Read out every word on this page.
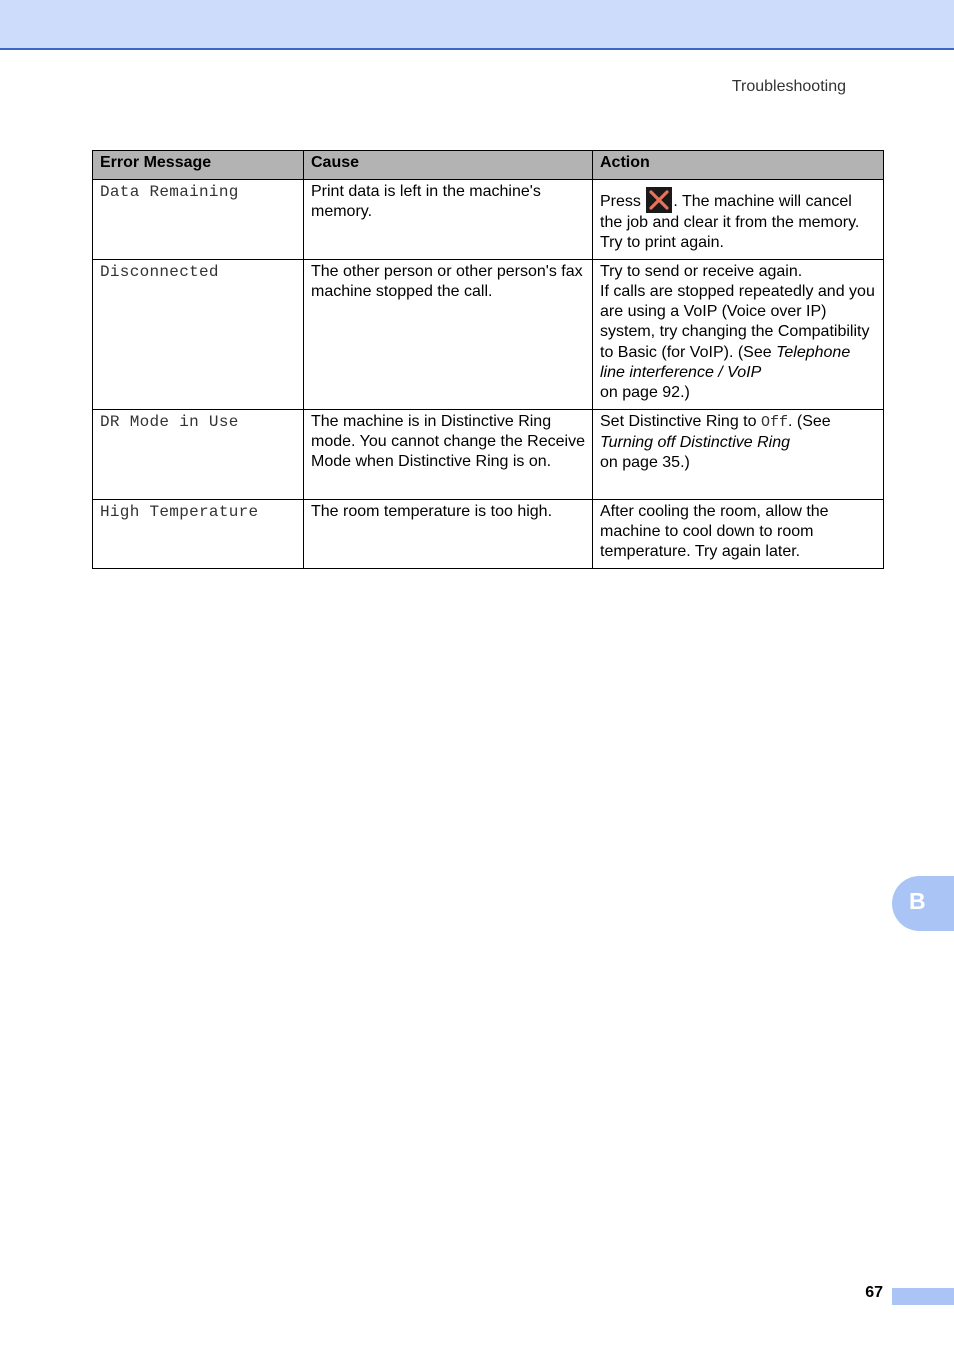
Troubleshooting
Error Message	Cause	Action
Data Remaining	Print data is left in the machine's memory.	Press
. The machine will cancel the job and clear it from the memory. Try to print again.
Disconnected	The other person or other person's fax machine stopped the call.	Try to send or receive again.
If calls are stopped repeatedly and you are using a VoIP (Voice over IP) system, try changing the Compatibility to Basic (for VoIP). (See Telephone line interference / VoIP
on page 92.)

DR Mode in Use	The machine is in Distinctive Ring mode. You cannot change the Receive Mode when Distinctive Ring is on.	Set Distinctive Ring to Off. (See
Turning off Distinctive Ring
on page 35.)

High Temperature	The room temperature is too high.	After cooling the room, allow the machine to cool down to room temperature. Try again later.
B
67
